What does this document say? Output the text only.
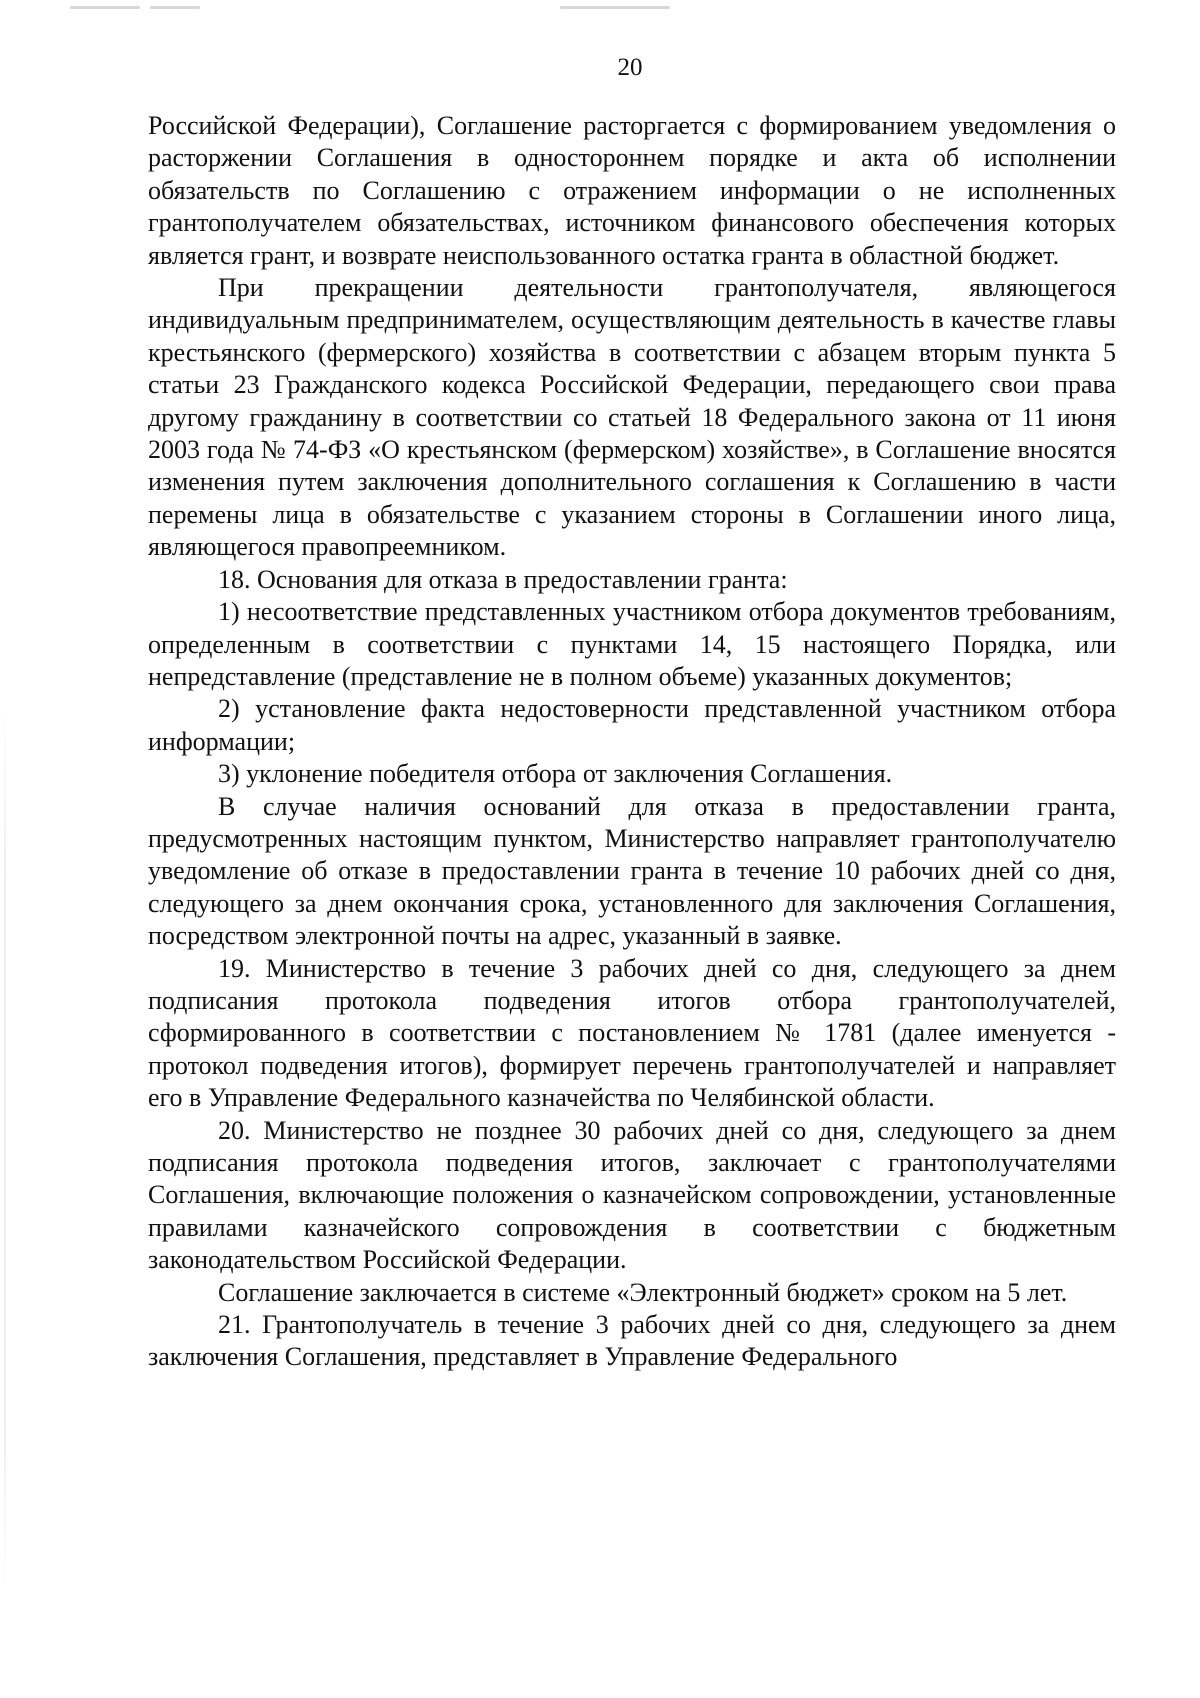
20

Российской Федерации), Соглашение расторгается с формированием уведомления о расторжении Соглашения в одностороннем порядке и акта об исполнении обязательств по Соглашению с отражением информации о не исполненных грантополучателем обязательствах, источником финансового обеспечения которых является грант, и возврате неиспользованного остатка гранта в областной бюджет.

При прекращении деятельности грантополучателя, являющегося индивидуальным предпринимателем, осуществляющим деятельность в качестве главы крестьянского (фермерского) хозяйства в соответствии с абзацем вторым пункта 5 статьи 23 Гражданского кодекса Российской Федерации, передающего свои права другому гражданину в соответствии со статьей 18 Федерального закона от 11 июня 2003 года № 74-ФЗ «О крестьянском (фермерском) хозяйстве», в Соглашение вносятся изменения путем заключения дополнительного соглашения к Соглашению в части перемены лица в обязательстве с указанием стороны в Соглашении иного лица, являющегося правопреемником.

18. Основания для отказа в предоставлении гранта:

1) несоответствие представленных участником отбора документов требованиям, определенным в соответствии с пунктами 14, 15 настоящего Порядка, или непредставление (представление не в полном объеме) указанных документов;

2) установление факта недостоверности представленной участником отбора информации;

3) уклонение победителя отбора от заключения Соглашения.

В случае наличия оснований для отказа в предоставлении гранта, предусмотренных настоящим пунктом, Министерство направляет грантополучателю уведомление об отказе в предоставлении гранта в течение 10 рабочих дней со дня, следующего за днем окончания срока, установленного для заключения Соглашения, посредством электронной почты на адрес, указанный в заявке.

19. Министерство в течение 3 рабочих дней со дня, следующего за днем подписания протокола подведения итогов отбора грантополучателей, сформированного в соответствии с постановлением № 1781 (далее именуется - протокол подведения итогов), формирует перечень грантополучателей и направляет его в Управление Федерального казначейства по Челябинской области.

20. Министерство не позднее 30 рабочих дней со дня, следующего за днем подписания протокола подведения итогов, заключает с грантополучателями Соглашения, включающие положения о казначейском сопровождении, установленные правилами казначейского сопровождения в соответствии с бюджетным законодательством Российской Федерации.

Соглашение заключается в системе «Электронный бюджет» сроком на 5 лет.

21. Грантополучатель в течение 3 рабочих дней со дня, следующего за днем заключения Соглашения, представляет в Управление Федерального
